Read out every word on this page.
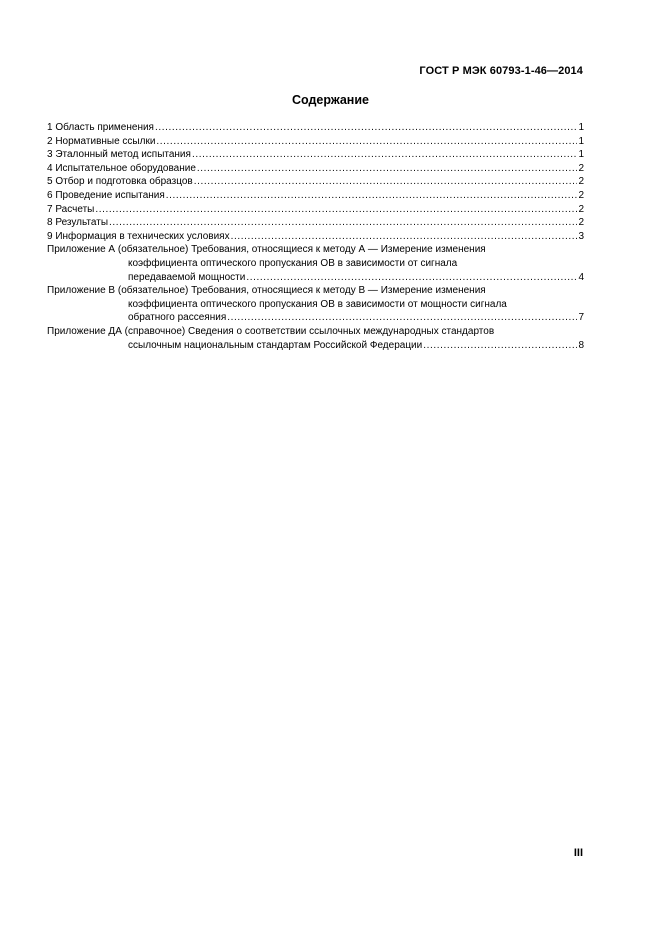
ГОСТ Р МЭК 60793-1-46—2014
Содержание
1 Область применения .....	1
2 Нормативные ссылки .....	1
3 Эталонный метод испытания .....	1
4 Испытательное оборудование .....	2
5 Отбор и подготовка образцов .....	2
6 Проведение испытания .....	2
7 Расчеты .....	2
8 Результаты .....	2
9 Информация в технических условиях .....	3
Приложение А (обязательное) Требования, относящиеся к методу А — Измерение изменения
коэффициента оптического пропускания ОВ в зависимости от сигнала
передаваемой мощности .....	4
Приложение В (обязательное) Требования, относящиеся к методу В — Измерение изменения
коэффициента оптического пропускания ОВ в зависимости от мощности сигнала
обратного рассеяния .....	7
Приложение ДА (справочное) Сведения о соответствии ссылочных международных стандартов
ссылочным национальным стандартам Российской Федерации .....	8
III
